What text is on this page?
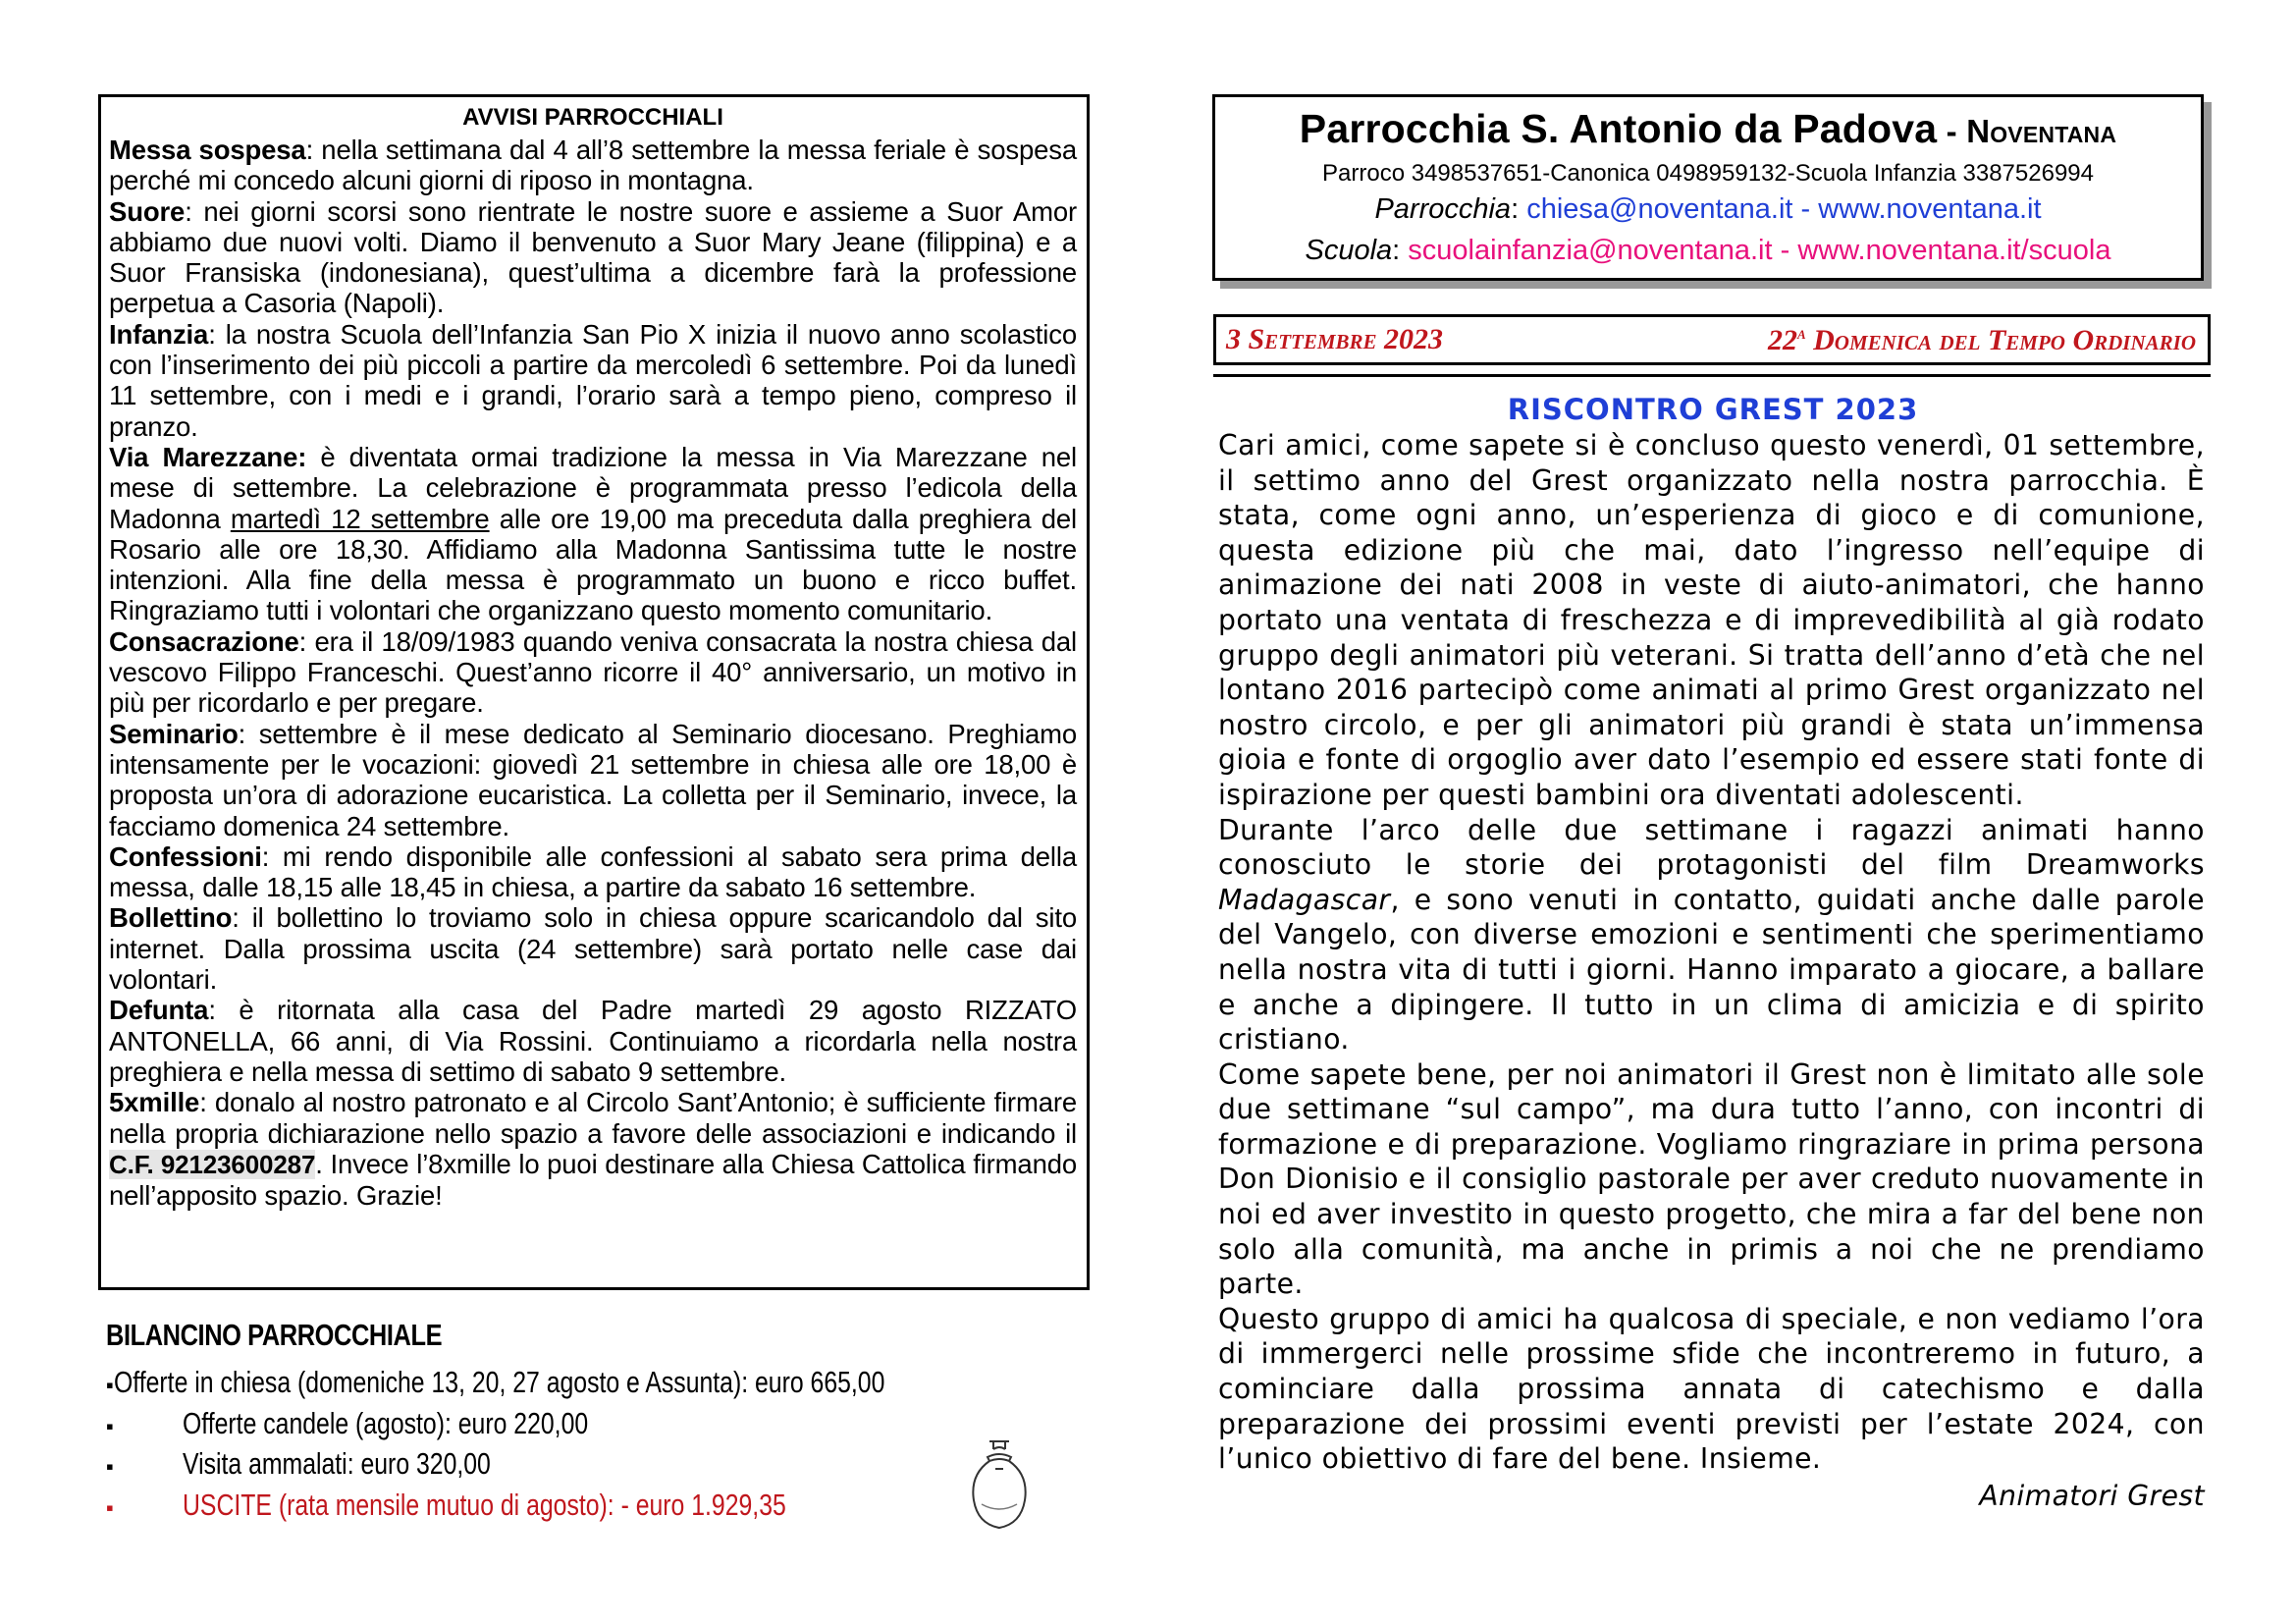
AVVISI PARROCCHIALI

Messa sospesa: nella settimana dal 4 all’8 settembre la messa feriale è sospesa perché mi concedo alcuni giorni di riposo in montagna.

Suore: nei giorni scorsi sono rientrate le nostre suore e assieme a Suor Amor abbiamo due nuovi volti. Diamo il benvenuto a Suor Mary Jeane (filippina) e a Suor Fransiska (indonesiana), quest’ultima a dicembre farà la professione perpetua a Casoria (Napoli).

Infanzia: la nostra Scuola dell’Infanzia San Pio X inizia il nuovo anno scolastico con l’inserimento dei più piccoli a partire da mercoledì 6 settembre. Poi da lunedì 11 settembre, con i medi e i grandi, l’orario sarà a tempo pieno, compreso il pranzo.

Via Marezzane: è diventata ormai tradizione la messa in Via Marezzane nel mese di settembre. La celebrazione è programmata presso l’edicola della Madonna martedì 12 settembre alle ore 19,00 ma preceduta dalla preghiera del Rosario alle ore 18,30. Affidiamo alla Madonna Santissima tutte le nostre intenzioni. Alla fine della messa è programmato un buono e ricco buffet. Ringraziamo tutti i volontari che organizzano questo momento comunitario.

Consacrazione: era il 18/09/1983 quando veniva consacrata la nostra chiesa dal vescovo Filippo Franceschi. Quest’anno ricorre il 40° anniversario, un motivo in più per ricordarlo e per pregare.

Seminario: settembre è il mese dedicato al Seminario diocesano. Preghiamo intensamente per le vocazioni: giovedì 21 settembre in chiesa alle ore 18,00 è proposta un’ora di adorazione eucaristica. La colletta per il Seminario, invece, la facciamo domenica 24 settembre.

Confessioni: mi rendo disponibile alle confessioni al sabato sera prima della messa, dalle 18,15 alle 18,45 in chiesa, a partire da sabato 16 settembre.

Bollettino: il bollettino lo troviamo solo in chiesa oppure scaricandolo dal sito internet. Dalla prossima uscita (24 settembre) sarà portato nelle case dai volontari.

Defunta: è ritornata alla casa del Padre martedì 29 agosto RIZZATO ANTONELLA, 66 anni, di Via Rossini. Continuiamo a ricordarla nella nostra preghiera e nella messa di settimo di sabato 9 settembre.

5xmille: donalo al nostro patronato e al Circolo Sant’Antonio; è sufficiente firmare nella propria dichiarazione nello spazio a favore delle associazioni e indicando il C.F. 92123600287. Invece l’8xmille lo puoi destinare alla Chiesa Cattolica firmando nell’apposito spazio. Grazie!

BILANCINO PARROCCHIALE
▪ Offerte in chiesa (domeniche 13, 20, 27 agosto e Assunta): euro 665,00
▪	Offerte candele (agosto): euro 220,00
▪	Visita ammalati: euro 320,00
▪	USCITE (rata mensile mutuo di agosto): - euro 1.929,35
Parrocchia S. Antonio da Padova - Noventana
Parroco 3498537651-Canonica 0498959132-Scuola Infanzia 3387526994
Parrocchia: chiesa@noventana.it - www.noventana.it
Scuola: scuolainfanzia@noventana.it - www.noventana.it/scuola
3 Settembre 2023	22$^a$ Domenica del Tempo Ordinario
RISCONTRO GREST 2023

Cari amici, come sapete si è concluso questo venerdì, 01 settembre, il settimo anno del Grest organizzato nella nostra parrocchia. È stata, come ogni anno, un’esperienza di gioco e di comunione, questa edizione più che mai, dato l’ingresso nell’equipe di animazione dei nati 2008 in veste di aiuto-animatori, che hanno portato una ventata di freschezza e di imprevedibilità al già rodato gruppo degli animatori più veterani. Si tratta dell’anno d’età che nel lontano 2016 partecipò come animati al primo Grest organizzato nel nostro circolo, e per gli animatori più grandi è stata un’immensa gioia e fonte di orgoglio aver dato l’esempio ed essere stati fonte di ispirazione per questi bambini ora diventati adolescenti.

Durante l’arco delle due settimane i ragazzi animati hanno conosciuto le storie dei protagonisti del film Dreamworks Madagascar, e sono venuti in contatto, guidati anche dalle parole del Vangelo, con diverse emozioni e sentimenti che sperimentiamo nella nostra vita di tutti i giorni. Hanno imparato a giocare, a ballare e anche a dipingere. Il tutto in un clima di amicizia e di spirito cristiano.

Come sapete bene, per noi animatori il Grest non è limitato alle sole due settimane “sul campo”, ma dura tutto l’anno, con incontri di formazione e di preparazione. Vogliamo ringraziare in prima persona Don Dionisio e il consiglio pastorale per aver creduto nuovamente in noi ed aver investito in questo progetto, che mira a far del bene non solo alla comunità, ma anche in primis a noi che ne prendiamo parte.

Questo gruppo di amici ha qualcosa di speciale, e non vediamo l’ora di immergerci nelle prossime sfide che incontreremo in futuro, a cominciare dalla prossima annata di catechismo e dalla preparazione dei prossimi eventi previsti per l’estate 2024, con l’unico obiettivo di fare del bene. Insieme.

Animatori Grest
